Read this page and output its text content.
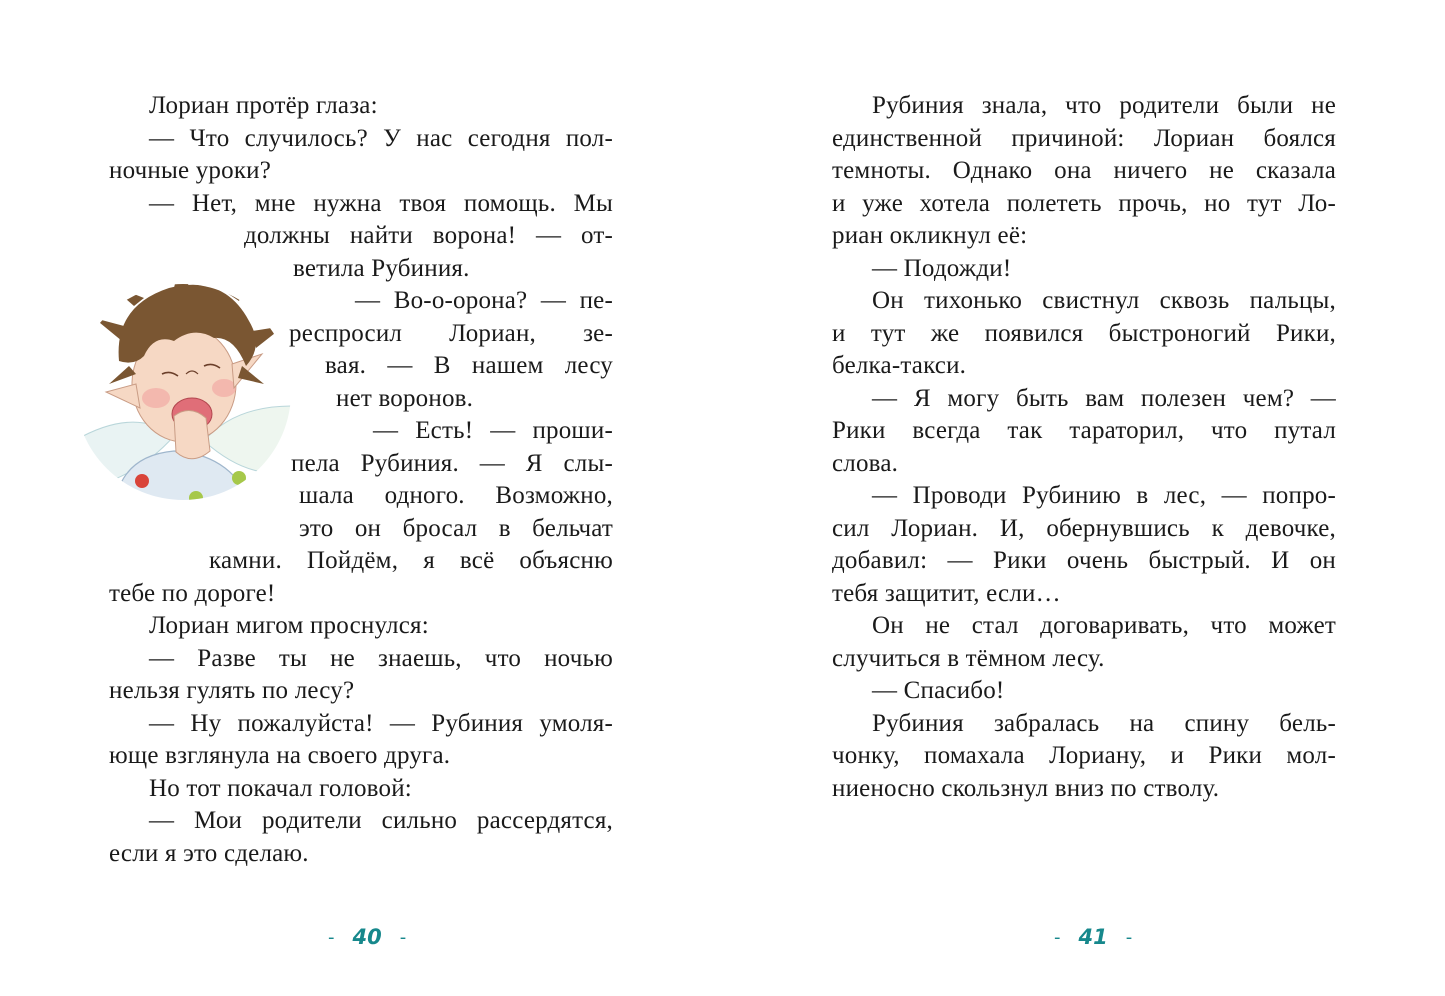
Лориан протёр глаза:
— Что случилось? У нас сегодня пол-
ночные уроки?
— Нет, мне нужна твоя помощь. Мы
должны найти ворона! — от-
ветила Рубиния.
— Во-о-орона? — пе-
респросил Лориан, зе-
вая. — В нашем лесу
нет воронов.
— Есть! — проши-
пела Рубиния. — Я слы-
шала одного. Возможно,
это он бросал в бельчат
камни. Пойдём, я всё объясню
тебе по дороге!
Лориан мигом проснулся:
— Разве ты не знаешь, что ночью
нельзя гулять по лесу?
— Ну пожалуйста! — Рубиния умоля-
юще взглянула на своего друга.
Но тот покачал головой:
— Мои родители сильно рассердятся,
если я это сделаю.
Рубиния знала, что родители были не
единственной причиной: Лориан боялся
темноты. Однако она ничего не сказала
и уже хотела полететь прочь, но тут Ло-
риан окликнул её:
— Подожди!
Он тихонько свистнул сквозь пальцы,
и тут же появился быстроногий Рики,
белка-такси.
— Я могу быть вам полезен чем? —
Рики всегда так тараторил, что путал
слова.
— Проводи Рубинию в лес, — попро-
сил Лориан. И, обернувшись к девочке,
добавил: — Рики очень быстрый. И он
тебя защитит, если…
Он не стал договаривать, что может
случиться в тёмном лесу.
— Спасибо!
Рубиния забралась на спину бель-
чонку, помахала Лориану, и Рики мол-
ниеносно скользнул вниз по стволу.
- 40 -	- 41 -
